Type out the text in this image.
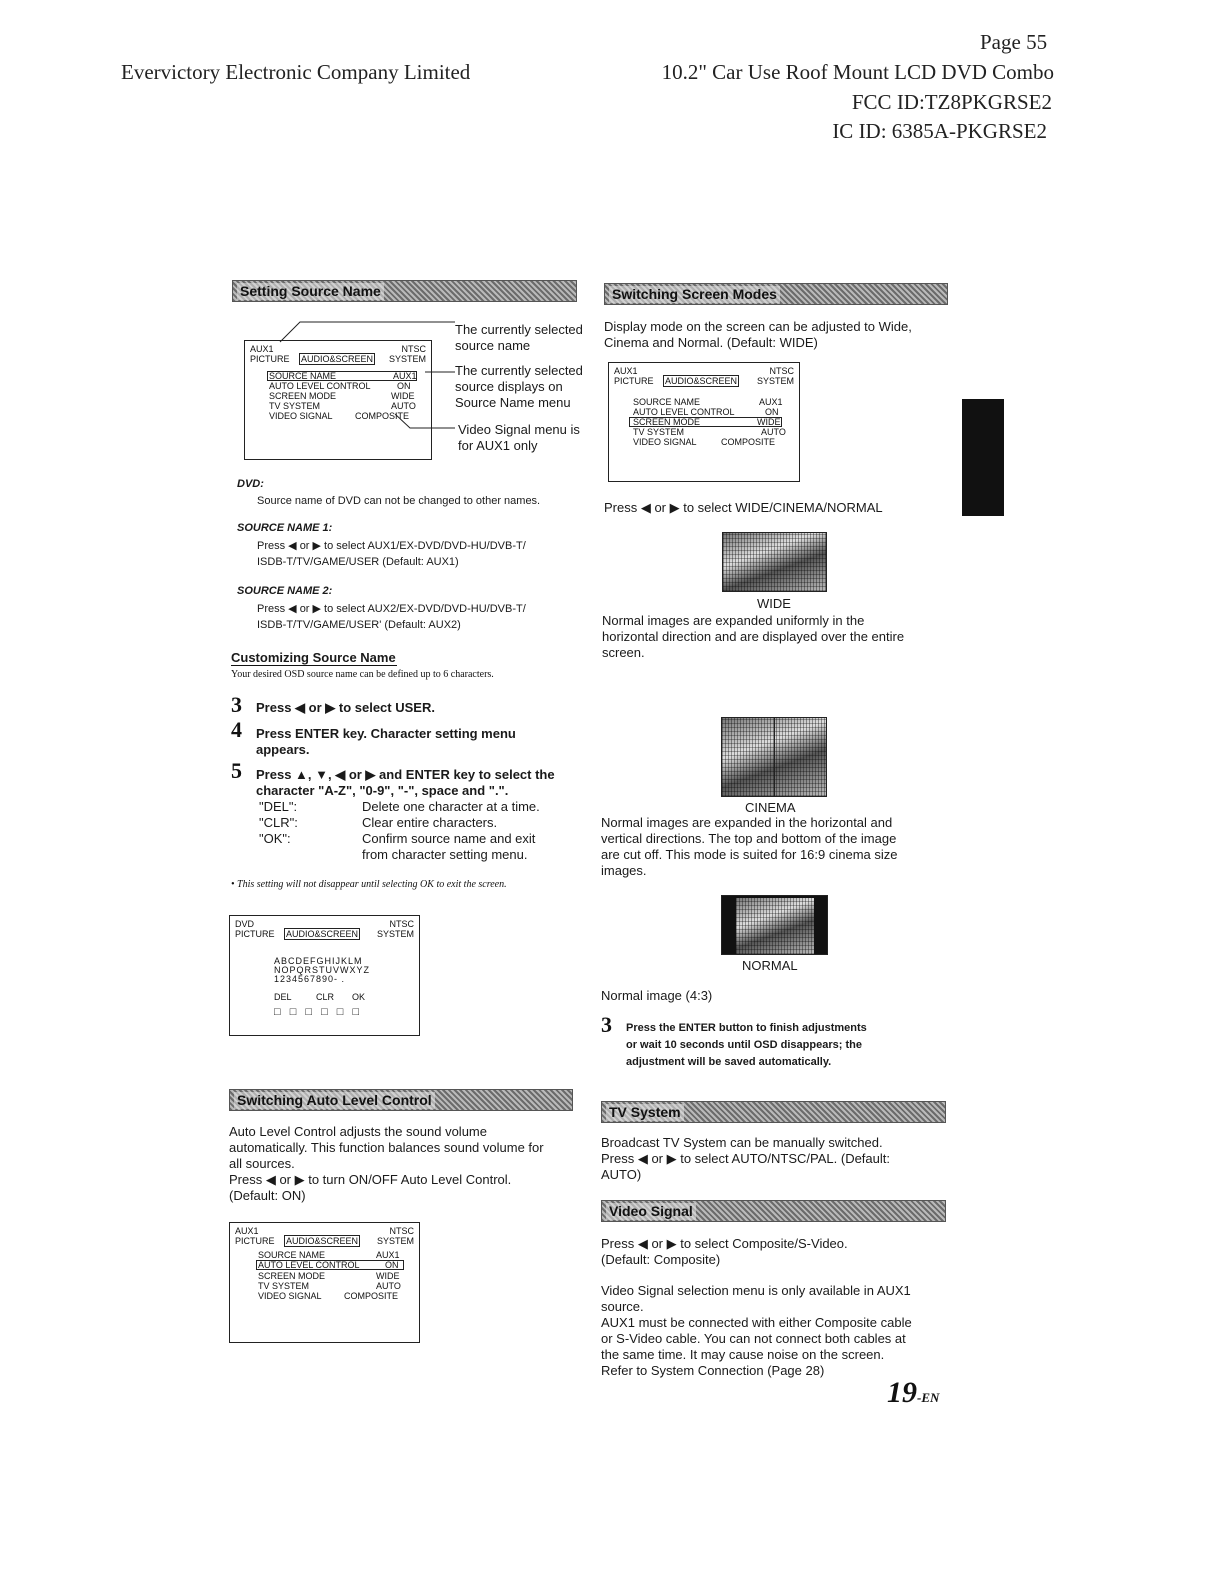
Page 55
Evervictory Electronic Company Limited	10.2" Car Use Roof Mount LCD DVD Combo
FCC ID:TZ8PKGRSE2
IC ID: 6385A-PKGRSE2
Setting Source Name
AUX1	NTSC
PICTURE AUDIO&SCREEN SYSTEM
SOURCE NAME	AUX1
AUTO LEVEL CONTROL	ON
SCREEN MODE	WIDE
TV SYSTEM	AUTO
VIDEO SIGNAL COMPOSITE
The currently selected
source name
The currently selected
source displays on
Source Name menu
Video Signal menu is
for AUX1 only
DVD:
Source name of DVD can not be changed to other names.
SOURCE NAME 1:
Press ◀ or ▶ to select AUX1/EX-DVD/DVD-HU/DVB-T/
ISDB-T/TV/GAME/USER (Default: AUX1)
SOURCE NAME 2:
Press ◀ or ▶ to select AUX2/EX-DVD/DVD-HU/DVB-T/
ISDB-T/TV/GAME/USER' (Default: AUX2)
Customizing Source Name
Your desired OSD source name can be defined up to 6 characters.
3 Press ◀ or ▶ to select USER.
4 Press ENTER key. Character setting menu
appears.
5 Press ▲, ▼, ◀ or ▶ and ENTER key to select the
character "A-Z", "0-9", "-", space and ".".
"DEL":	Delete one character at a time.
"CLR":	Clear entire characters.
"OK":	Confirm source name and exit
from character setting menu.
• This setting will not disappear until selecting OK to exit the screen.
DVD	NTSC
PICTURE AUDIO&SCREEN SYSTEM
ABCDEFGHIJKLM
NOPQRSTUVWXYZ
1234567890- .
DEL	CLR OK
□ □ □ □ □ □
Switching Auto Level Control
Auto Level Control adjusts the sound volume
automatically. This function balances sound volume for
all sources.
Press ◀ or ▶ to turn ON/OFF Auto Level Control.
(Default: ON)
AUX1	NTSC
PICTURE AUDIO&SCREEN SYSTEM
SOURCE NAME	AUX1
AUTO LEVEL CONTROL	ON
SCREEN MODE	WIDE
TV SYSTEM	AUTO
VIDEO SIGNAL COMPOSITE
Switching Screen Modes
Display mode on the screen can be adjusted to Wide,
Cinema and Normal. (Default: WIDE)
AUX1	NTSC
PICTURE AUDIO&SCREEN SYSTEM
SOURCE NAME	AUX1
AUTO LEVEL CONTROL	ON
SCREEN MODE	WIDE
TV SYSTEM	AUTO
VIDEO SIGNAL	COMPOSITE
Press ◀ or ▶ to select WIDE/CINEMA/NORMAL
WIDE
Normal images are expanded uniformly in the
horizontal direction and are displayed over the entire
screen.
CINEMA
Normal images are expanded in the horizontal and
vertical directions. The top and bottom of the image
are cut off. This mode is suited for 16:9 cinema size
images.
NORMAL
Normal image (4:3)
3 Press the ENTER button to finish adjustments
or wait 10 seconds until OSD disappears; the
adjustment will be saved automatically.
TV System
Broadcast TV System can be manually switched.
Press ◀ or ▶ to select AUTO/NTSC/PAL. (Default:
AUTO)
Video Signal
Press ◀ or ▶ to select Composite/S-Video.
(Default: Composite)
Video Signal selection menu is only available in AUX1
source.
AUX1 must be connected with either Composite cable
or S-Video cable. You can not connect both cables at
the same time. It may cause noise on the screen.
Refer to System Connection (Page 28)
19-EN
